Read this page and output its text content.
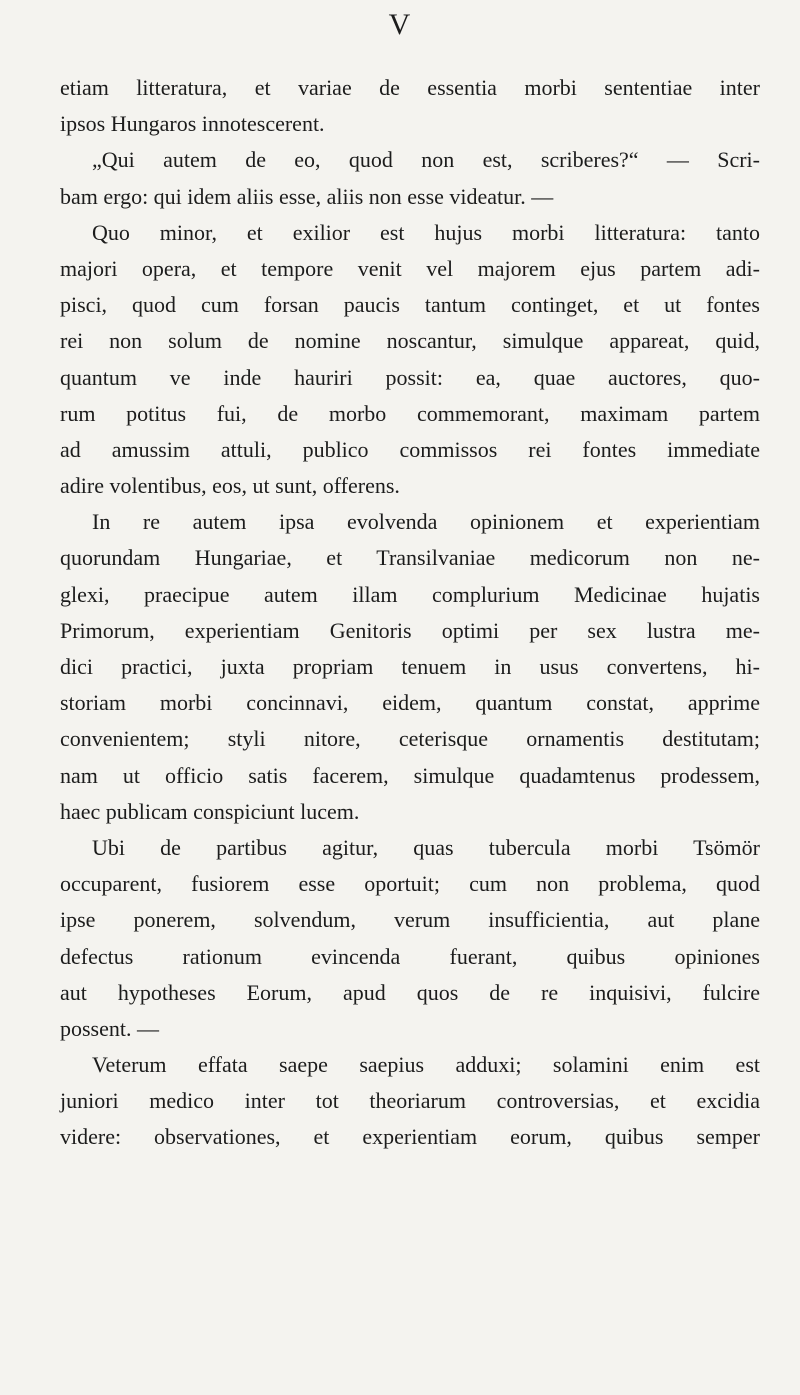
V
etiam litteratura, et variae de essentia morbi sententiae inter
ipsos Hungaros innotescerent.
„Qui autem de eo, quod non est, scriberes?“ — Scri-
bam ergo: qui idem aliis esse, aliis non esse videatur. —
Quo minor, et exilior est hujus morbi litteratura: tanto
majori opera, et tempore venit vel majorem ejus partem adi-
pisci, quod cum forsan paucis tantum continget, et ut fontes
rei non solum de nomine noscantur, simulque appareat, quid,
quantum ve inde hauriri possit: ea, quae auctores, quo-
rum potitus fui, de morbo commemorant, maximam partem
ad amussim attuli, publico commissos rei fontes immediate
adire volentibus, eos, ut sunt, offerens.
In re autem ipsa evolvenda opinionem et experientiam
quorundam Hungariae, et Transilvaniae medicorum non ne-
glexi, praecipue autem illam complurium Medicinae hujatis
Primorum, experientiam Genitoris optimi per sex lustra me-
dici practici, juxta propriam tenuem in usus convertens, hi-
storiam morbi concinnavi, eidem, quantum constat, apprime
convenientem; styli nitore, ceterisque ornamentis destitutam;
nam ut officio satis facerem, simulque quadamtenus prodessem,
haec publicam conspiciunt lucem.
Ubi de partibus agitur, quas tubercula morbi Tsömör
occuparent, fusiorem esse oportuit; cum non problema, quod
ipse ponerem, solvendum, verum insufficientia, aut plane
defectus rationum evincenda fuerant, quibus opiniones
aut hypotheses Eorum, apud quos de re inquisivi, fulcire
possent. —
Veterum effata saepe saepius adduxi; solamini enim est
juniori medico inter tot theoriarum controversias, et excidia
videre: observationes, et experientiam eorum, quibus semper
